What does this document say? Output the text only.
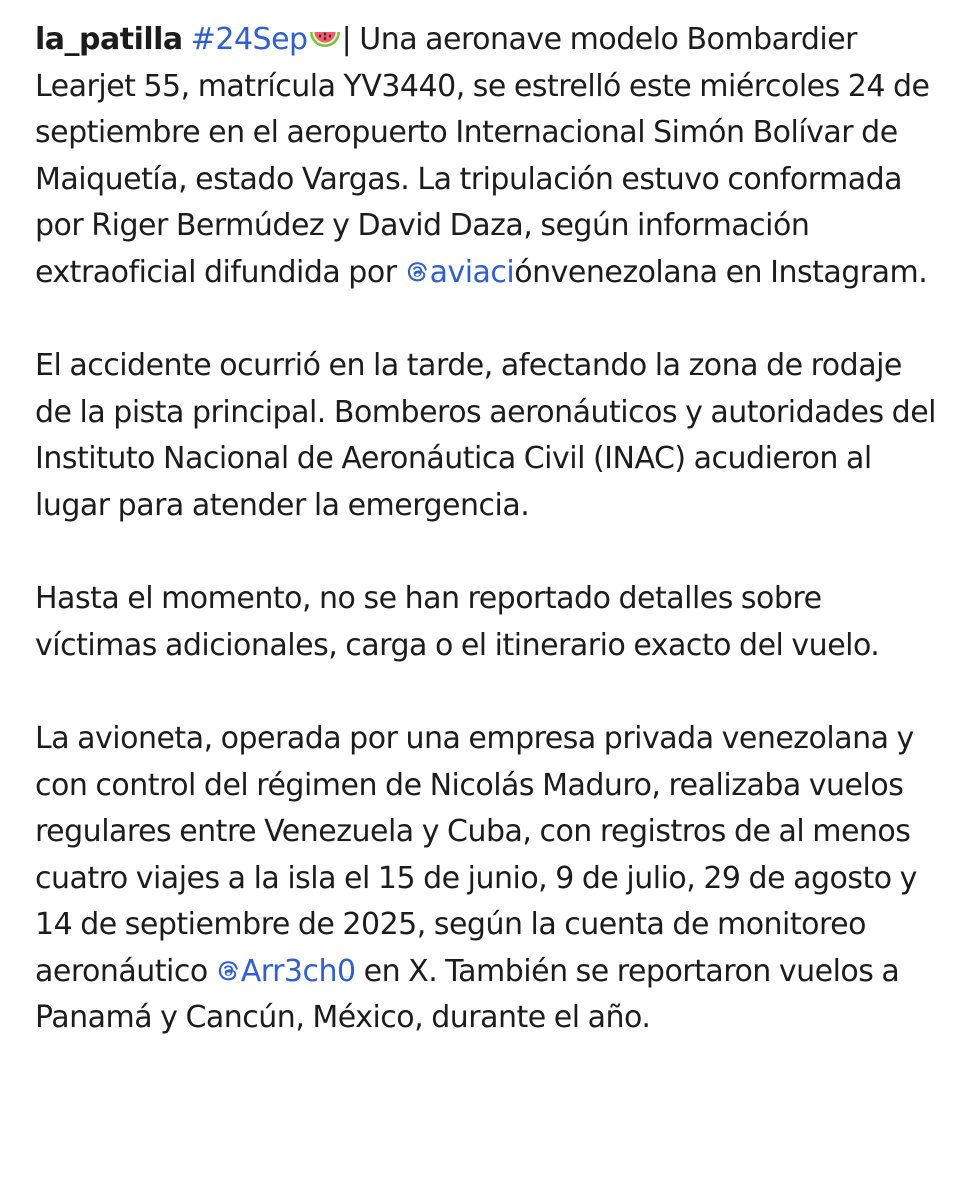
la_patilla #24Sep | Una aeronave modelo Bombardier Learjet 55, matrícula YV3440, se estrelló este miércoles 24 de septiembre en el aeropuerto Internacional Simón Bolívar de Maiquetía, estado Vargas. La tripulación estuvo conformada por Riger Bermúdez y David Daza, según información extraoficial difundida por aviaciónvenezolana en Instagram.

El accidente ocurrió en la tarde, afectando la zona de rodaje de la pista principal. Bomberos aeronáuticos y autoridades del Instituto Nacional de Aeronáutica Civil (INAC) acudieron al lugar para atender la emergencia.

Hasta el momento, no se han reportado detalles sobre víctimas adicionales, carga o el itinerario exacto del vuelo.

La avioneta, operada por una empresa privada venezolana y con control del régimen de Nicolás Maduro, realizaba vuelos regulares entre Venezuela y Cuba, con registros de al menos cuatro viajes a la isla el 15 de junio, 9 de julio, 29 de agosto y 14 de septiembre de 2025, según la cuenta de monitoreo aeronáutico Arr3ch0 en X. También se reportaron vuelos a Panamá y Cancún, México, durante el año.
